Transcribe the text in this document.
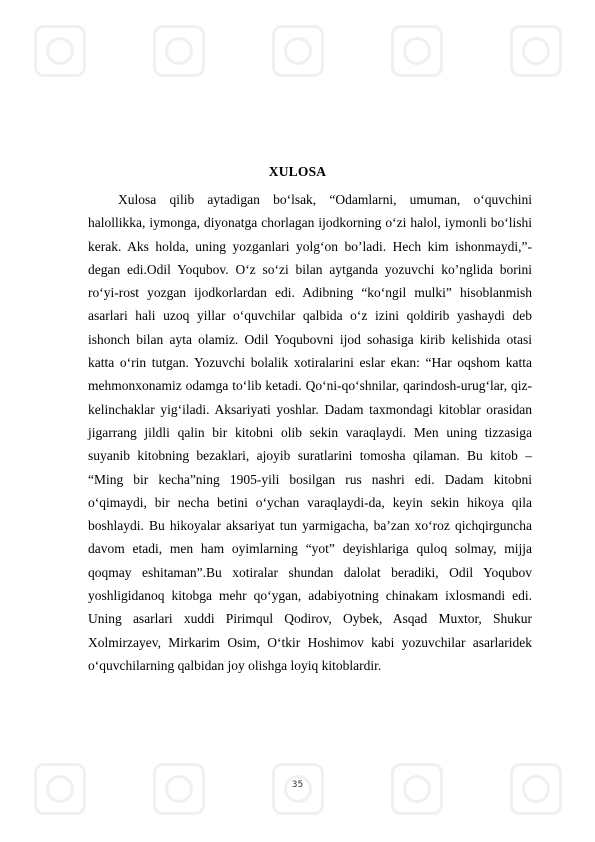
XULOSA

Xulosa qilib aytadigan bo‘lsak, “Odamlarni, umuman, o‘quvchini halollikka, iymonga, diyonatga chorlagan ijodkorning o‘zi halol, iymonli bo‘lishi kerak. Aks holda, uning yozganlari yolg‘on bo’ladi. Hech kim ishonmaydi,”- degan edi.Odil Yoqubov. O‘z so‘zi bilan aytganda yozuvchi ko’nglida borini ro‘yi-rost yozgan ijodkorlardan edi. Adibning “ko‘ngil mulki” hisoblanmish asarlari hali uzoq yillar o‘quvchilar qalbida o‘z izini qoldirib yashaydi deb ishonch bilan ayta olamiz. Odil Yoqubovni ijod sohasiga kirib kelishida otasi katta o‘rin tutgan. Yozuvchi bolalik xotiralarini eslar ekan: “Har oqshom katta mehmonxonamiz odamga to‘lib ketadi. Qo‘ni-qo‘shnilar, qarindosh-urug‘lar, qiz-kelinchaklar yig‘iladi. Aksariyati yoshlar. Dadam taxmondagi kitoblar orasidan jigarrang jildli qalin bir kitobni olib sekin varaqlaydi. Men uning tizzasiga suyanib kitobning bezaklari, ajoyib suratlarini tomosha qilaman. Bu kitob – “Ming bir kecha”ning 1905-yili bosilgan rus nashri edi. Dadam kitobni o‘qimaydi, bir necha betini o‘ychan varaqlaydi-da, keyin sekin hikoya qila boshlaydi. Bu hikoyalar aksariyat tun yarmigacha, ba’zan xo‘roz qichqirguncha davom etadi, men ham oyimlarning “yot” deyishlariga quloq solmay, mijja qoqmay eshitaman”.Bu xotiralar shundan dalolat beradiki, Odil Yoqubov yoshligidanoq kitobga mehr qo‘ygan, adabiyotning chinakam ixlosmandi edi. Uning asarlari xuddi Pirimqul Qodirov, Oybek, Asqad Muxtor, Shukur Xolmirzayev, Mirkarim Osim, O‘tkir Hoshimov kabi yozuvchilar asarlaridek o‘quvchilarning qalbidan joy olishga loyiq kitoblardir.

35
